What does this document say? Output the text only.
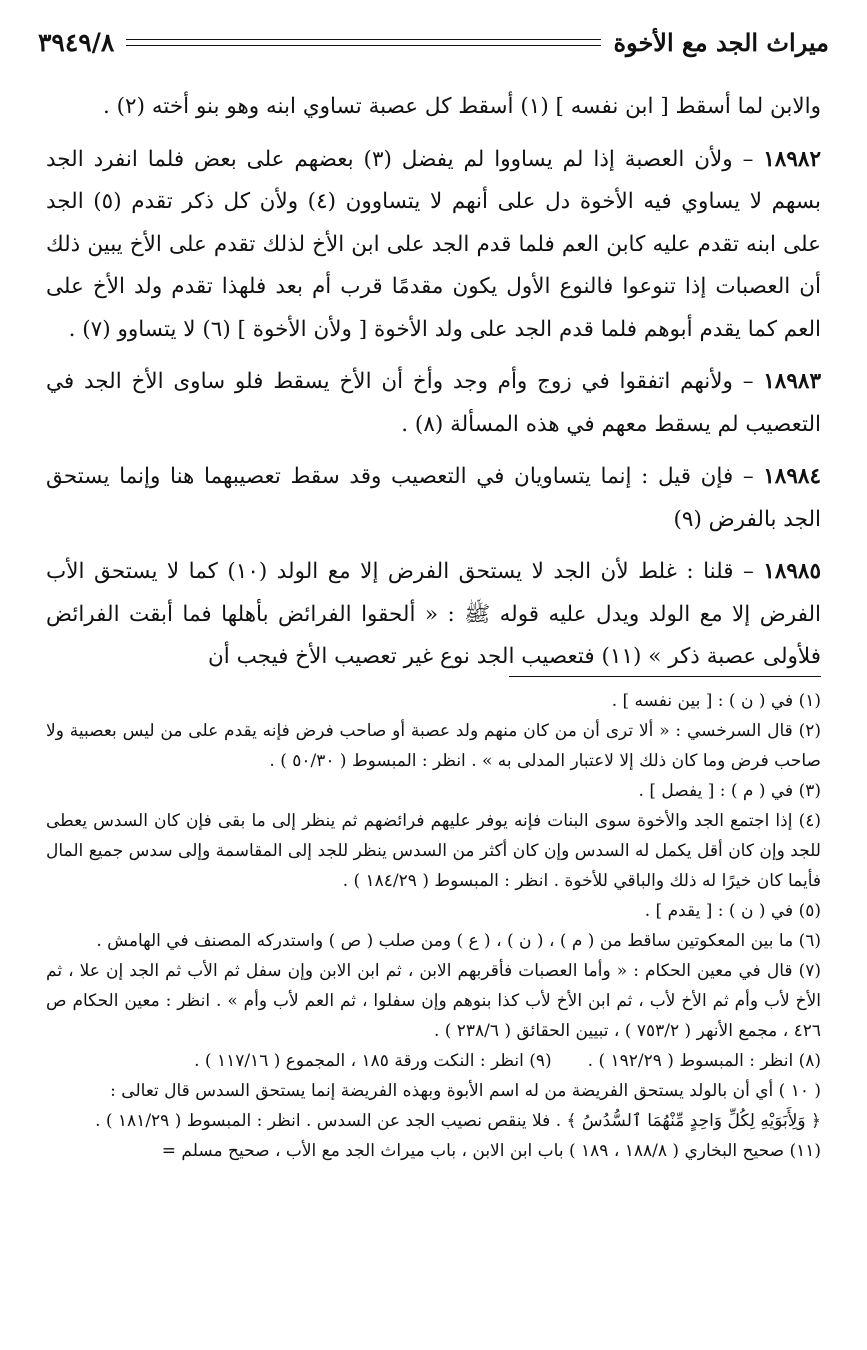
ميراث الجد مع الأخوة
٣٩٤٩/٨

والابن لما أسقط [ ابن نفسه ] (١) أسقط كل عصبة تساوي ابنه وهو بنو أخته (٢) .

١٨٩٨٢ – ولأن العصبة إذا لم يساووا لم يفضل (٣) بعضهم على بعض فلما انفرد الجد بسهم لا يساوي فيه الأخوة دل على أنهم لا يتساوون (٤) ولأن كل ذكر تقدم (٥) الجد على ابنه تقدم عليه كابن العم فلما قدم الجد على ابن الأخ لذلك تقدم على الأخ يبين ذلك أن العصبات إذا تنوعوا فالنوع الأول يكون مقدمًا قرب أم بعد فلهذا تقدم ولد الأخ على العم كما يقدم أبوهم فلما قدم الجد على ولد الأخوة [ ولأن الأخوة ] (٦) لا يتساوو (٧) .

١٨٩٨٣ – ولأنهم اتفقوا في زوج وأم وجد وأخ أن الأخ يسقط فلو ساوى الأخ الجد في التعصيب لم يسقط معهم في هذه المسألة (٨) .

١٨٩٨٤ – فإن قيل : إنما يتساويان في التعصيب وقد سقط تعصيبهما هنا وإنما يستحق الجد بالفرض (٩)

١٨٩٨٥ – قلنا : غلط لأن الجد لا يستحق الفرض إلا مع الولد (١٠) كما لا يستحق الأب الفرض إلا مع الولد ويدل عليه قوله ﷺ : « ألحقوا الفرائض بأهلها فما أبقت الفرائض فلأولى عصبة ذكر » (١١) فتعصيب الجد نوع غير تعصيب الأخ فيجب أن

(١) في ( ن ) : [ بين نفسه ] .

(٢) قال السرخسي : « ألا ترى أن من كان منهم ولد عصبة أو صاحب فرض فإنه يقدم على من ليس بعصبية ولا صاحب فرض وما كان ذلك إلا لاعتبار المدلى به » . انظر : المبسوط ( ٥٠/٣٠ ) .

(٣) في ( م ) : [ يفصل ] .

(٤) إذا اجتمع الجد والأخوة سوى البنات فإنه يوفر عليهم فرائضهم ثم ينظر إلى ما بقى فإن كان السدس يعطى للجد وإن كان أقل يكمل له السدس وإن كان أكثر من السدس ينظر للجد إلى المقاسمة وإلى سدس جميع المال فأيما كان خيرًا له ذلك والباقي للأخوة . انظر : المبسوط ( ١٨٤/٢٩ ) .

(٥) في ( ن ) : [ يقدم ] .

(٦) ما بين المعكوتين ساقط من ( م ) ، ( ن ) ، ( ع ) ومن صلب ( ص ) واستدركه المصنف في الهامش .

(٧) قال في معين الحكام : « وأما العصبات فأقربهم الابن ، ثم ابن الابن وإن سفل ثم الأب ثم الجد إن علا ، ثم الأخ لأب وأم ثم الأخ لأب ، ثم ابن الأخ لأب كذا بنوهم وإن سفلوا ، ثم العم لأب وأم » . انظر : معين الحكام ص ٤٢٦ ، مجمع الأنهر ( ٧٥٣/٢ ) ، تبيين الحقائق ( ٢٣٨/٦ ) .

(٨) انظر : المبسوط ( ١٩٢/٢٩ ) .
(٩) انظر : النكت ورقة ١٨٥ ، المجموع ( ١١٧/١٦ ) .

( ١٠ ) أي أن بالولد يستحق الفريضة من له اسم الأبوة وبهذه الفريضة إنما يستحق السدس قال تعالى :

﴿ وَلِأَبَوَيْهِ لِكُلِّ وَاحِدٍ مِّنْهُمَا ٱلسُّدُسُ ﴾ . فلا ينقص نصيب الجد عن السدس . انظر : المبسوط ( ١٨١/٢٩ ) .

(١١) صحيح البخاري ( ١٨٨/٨ ، ١٨٩ ) باب ابن الابن ، باب ميراث الجد مع الأب ، صحيح مسلم =
